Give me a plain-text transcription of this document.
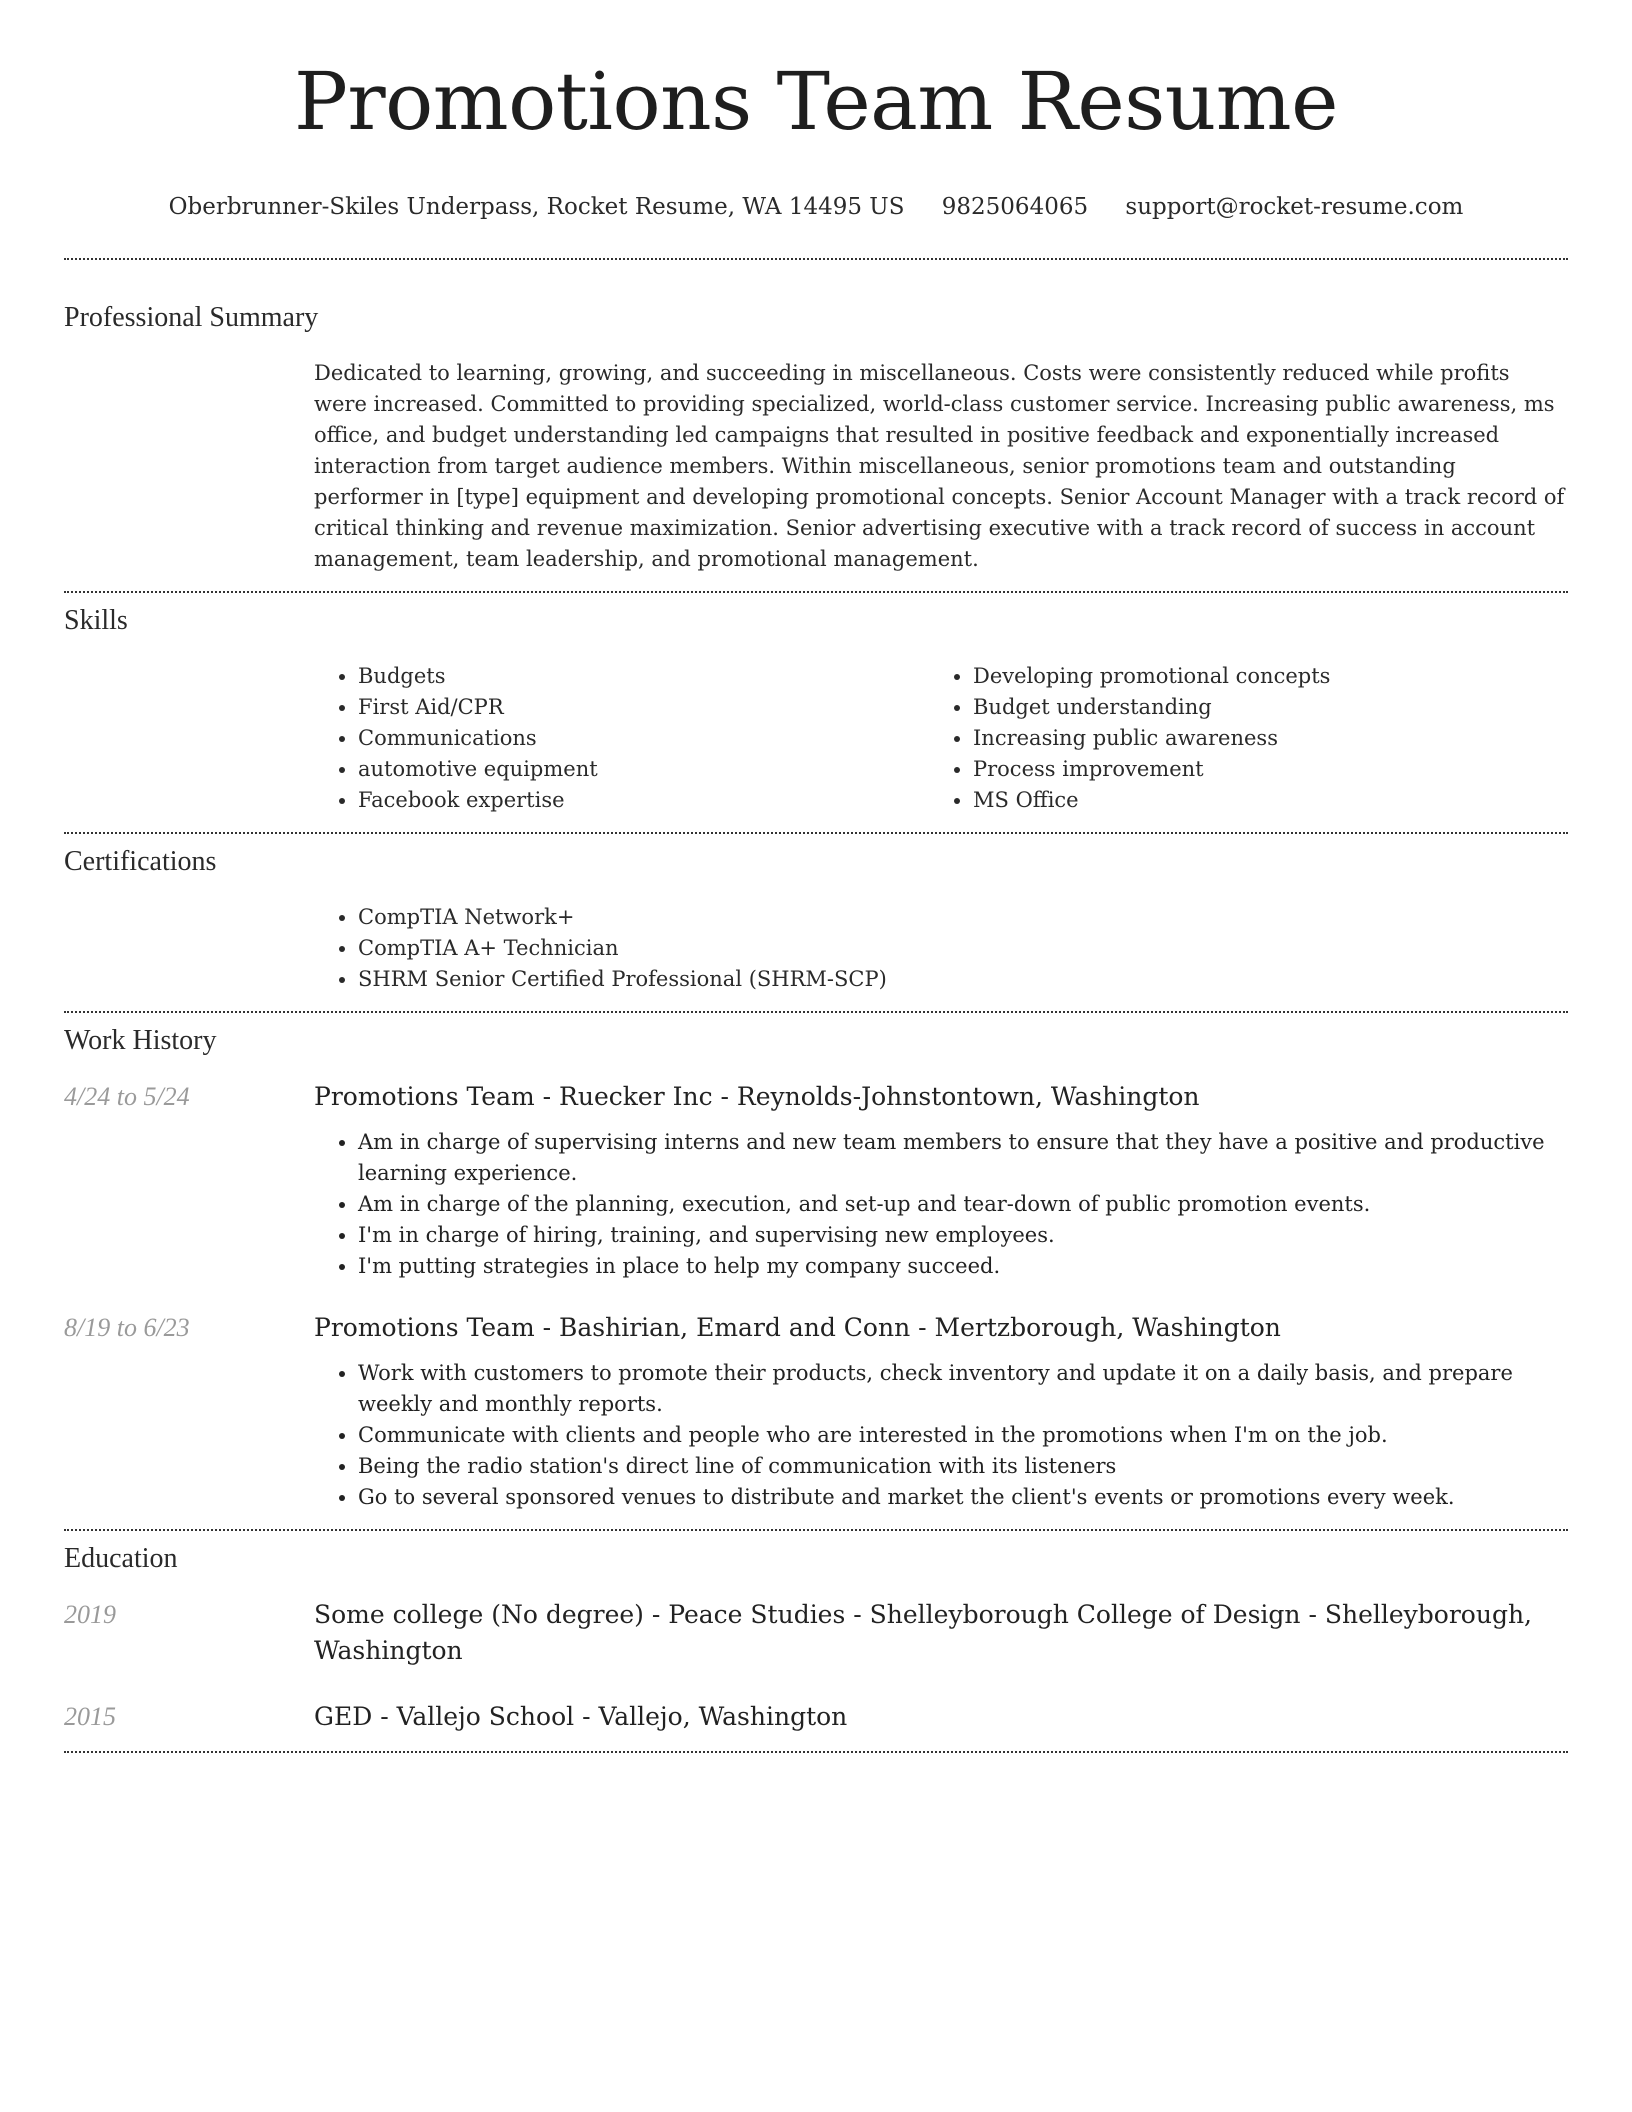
Promotions Team Resume
Oberbrunner-Skiles Underpass, Rocket Resume, WA 14495 US 9825064065 support@rocket-resume.com
Professional Summary

Dedicated to learning, growing, and succeeding in miscellaneous. Costs were consistently reduced while profits were increased. Committed to providing specialized, world-class customer service. Increasing public awareness, ms office, and budget understanding led campaigns that resulted in positive feedback and exponentially increased interaction from target audience members. Within miscellaneous, senior promotions team and outstanding performer in [type] equipment and developing promotional concepts. Senior Account Manager with a track record of critical thinking and revenue maximization. Senior advertising executive with a track record of success in account management, team leadership, and promotional management.

Skills
• Budgets
• First Aid/CPR
• Communications
• automotive equipment
• Facebook expertise
• Developing promotional concepts
• Budget understanding
• Increasing public awareness
• Process improvement
• MS Office
Certifications
• CompTIA Network+
• CompTIA A+ Technician
• SHRM Senior Certified Professional (SHRM-SCP)
Work History
4/24 to 5/24	Promotions Team - Ruecker Inc - Reynolds-Johnstontown, Washington

• Am in charge of supervising interns and new team members to ensure that they have a positive and productive learning experience.
• Am in charge of the planning, execution, and set-up and tear-down of public promotion events.
• I'm in charge of hiring, training, and supervising new employees.
• I'm putting strategies in place to help my company succeed.
8/19 to 6/23	Promotions Team - Bashirian, Emard and Conn - Mertzborough, Washington

• Work with customers to promote their products, check inventory and update it on a daily basis, and prepare weekly and monthly reports.
• Communicate with clients and people who are interested in the promotions when I'm on the job.
• Being the radio station's direct line of communication with its listeners
• Go to several sponsored venues to distribute and market the client's events or promotions every week.
Education
2019	Some college (No degree) - Peace Studies - Shelleyborough College of Design - Shelleyborough, Washington

2015	GED - Vallejo School - Vallejo, Washington
